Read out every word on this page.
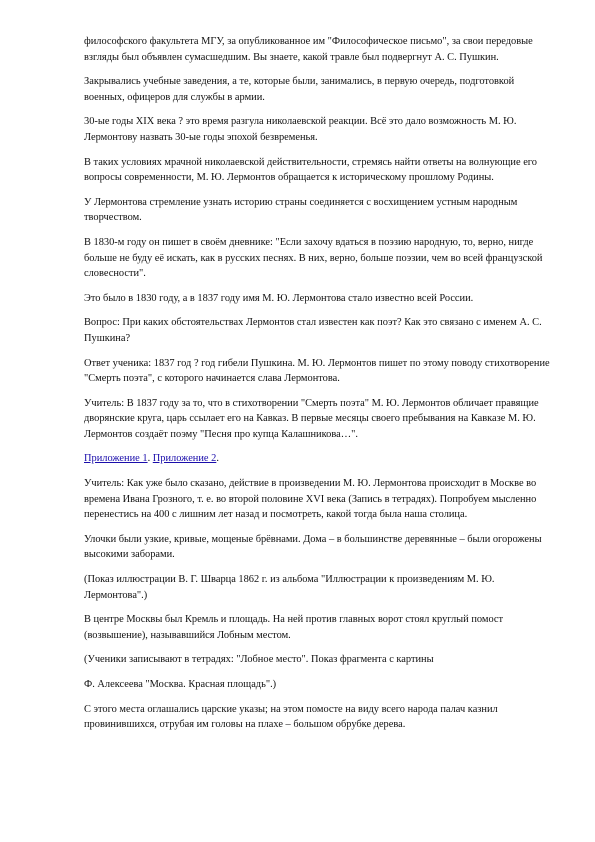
философского факультета МГУ, за опубликованное им "Философическое письмо", за свои передовые взгляды был объявлен сумасшедшим. Вы знаете, какой травле был подвергнут А. С. Пушкин.

Закрывались учебные заведения, а те, которые были, занимались, в первую очередь, подготовкой военных, офицеров для службы в армии.

30-ые годы XIX века ? это время разгула николаевской реакции. Всё это дало возможность М. Ю. Лермонтову назвать 30-ые годы эпохой безвременья.

В таких условиях мрачной николаевской действительности, стремясь найти ответы на волнующие его вопросы современности, М. Ю. Лермонтов обращается к историческому прошлому Родины.

У Лермонтова стремление узнать историю страны соединяется с восхищением устным народным творчеством.

В 1830-м году он пишет в своём дневнике: "Если захочу вдаться в поэзию народную, то, верно, нигде больше не буду её искать, как в русских песнях. В них, верно, больше поэзии, чем во всей французской словесности".

Это было в 1830 году, а в 1837 году имя М. Ю. Лермонтова стало известно всей России.

Вопрос: При каких обстоятельствах Лермонтов стал известен как поэт? Как это связано с именем А. С. Пушкина?

Ответ ученика: 1837 год ? год гибели Пушкина. М. Ю. Лермонтов пишет по этому поводу стихотворение "Смерть поэта", с которого начинается слава Лермонтова.

Учитель: В 1837 году за то, что в стихотворении "Смерть поэта" М. Ю. Лермонтов обличает правящие дворянские круга, царь ссылает его на Кавказ. В первые месяцы своего пребывания на Кавказе М. Ю. Лермонтов создаёт поэму "Песня про купца Калашникова…".

Приложение 1. Приложение 2.

Учитель: Как уже было сказано, действие в произведении М. Ю. Лермонтова происходит в Москве во времена Ивана Грозного, т. е. во второй половине XVI века (Запись в тетрадях). Попробуем мысленно перенестись на 400 с лишним лет назад и посмотреть, какой тогда была наша столица.

Улочки были узкие, кривые, мощеные брёвнами. Дома – в большинстве деревянные – были огорожены высокими заборами.

(Показ иллюстрации В. Г. Шварца 1862 г. из альбома "Иллюстрации к произведениям М. Ю. Лермонтова".)

В центре Москвы был Кремль и площадь. На ней против главных ворот стоял круглый помост (возвышение), называвшийся Лобным местом.

(Ученики записывают в тетрадях: "Лобное место". Показ фрагмента с картины

Ф. Алексеева "Москва. Красная площадь".)

С этого места оглашались царские указы; на этом помосте на виду всего народа палач казнил провинившихся, отрубая им головы на плахе – большом обрубке дерева.
